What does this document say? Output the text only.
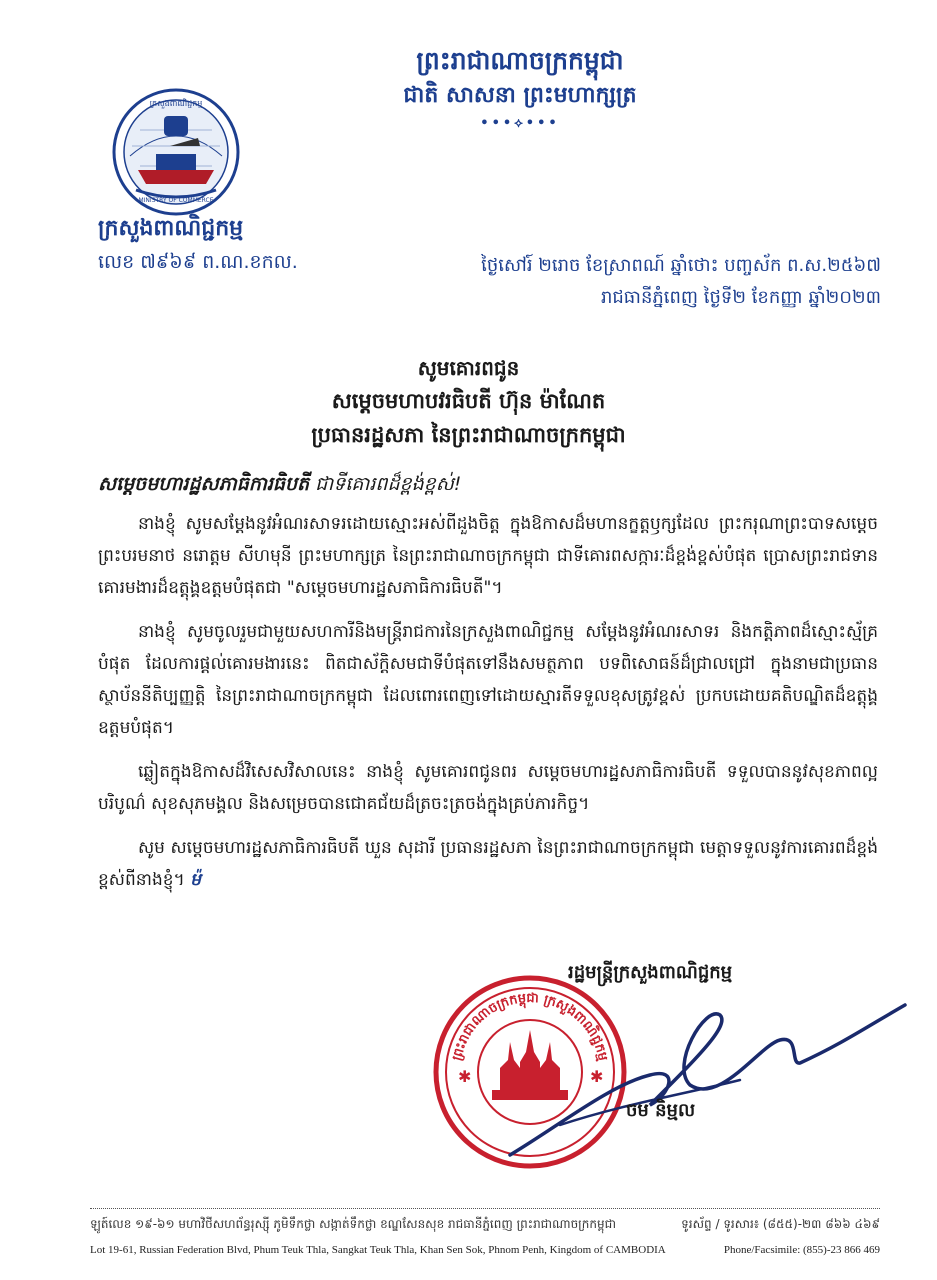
ព្រះរាជាណាចក្រកម្ពុជា
ជាតិ សាសនា ព្រះមហាក្សត្រ
•••⟡•••
ក្រសួងពាណិជ្ជកម្ម
MINISTRY OF COMMERCE
ក្រសួងពាណិជ្ជកម្ម
លេខ ៧៩៦៩ ព.ណ.ខកល.	ថ្ងៃសៅរ៍ ២រោច ខែស្រាពណ៍ ឆ្នាំថោះ បញ្ចស័ក ព.ស.២៥៦៧
រាជធានីភ្នំពេញ ថ្ងៃទី២ ខែកញ្ញា ឆ្នាំ២០២៣
សូមគោរពជូន
សម្តេចមហាបវរធិបតី ហ៊ុន ម៉ាណែត
ប្រធានរដ្ឋសភា នៃព្រះរាជាណាចក្រកម្ពុជា
សម្តេចមហារដ្ឋសភាធិការធិបតី ជាទីគោរពដ៏ខ្ពង់ខ្ពស់!

នាងខ្ញុំ សូមសម្តែងនូវអំណរសាទរដោយស្មោះអស់ពីដួងចិត្ត ក្នុងឱកាសដ៏មហានក្ខត្តឫក្សដែល ព្រះករុណាព្រះបាទសម្តេចព្រះបរមនាថ នរោត្តម សីហមុនី ព្រះមហាក្សត្រ នៃព្រះរាជាណាចក្រកម្ពុជា ជាទីគោរពសក្ការៈដ៏ខ្ពង់ខ្ពស់បំផុត ប្រោសព្រះរាជទានគោរមងារដ៏ឧត្តុង្គឧត្តមបំផុតជា "សម្តេចមហារដ្ឋសភាធិការធិបតី"។

នាងខ្ញុំ សូមចូលរួមជាមួយសហការីនិងមន្ត្រីរាជការនៃក្រសួងពាណិជ្ជកម្ម សម្តែងនូវអំណរសាទរ និងកត្តិភាពដ៏ស្មោះស្ម័គ្របំផុត ដែលការផ្តល់គោរមងារនេះ ពិតជាស័ក្តិសមជាទីបំផុតទៅនឹងសមត្ថភាព បទពិសោធន៍ដ៏ជ្រាលជ្រៅ ក្នុងនាមជាប្រធានស្ថាប័ននីតិប្បញ្ញត្តិ នៃព្រះរាជាណាចក្រកម្ពុជា ដែលពោរពេញទៅដោយស្មារតីទទួលខុសត្រូវខ្ពស់ ប្រកបដោយគតិបណ្ឌិតដ៏ឧត្តុង្គឧត្តមបំផុត។

ឆ្លៀតក្នុងឱកាសដ៏វិសេសវិសាលនេះ នាងខ្ញុំ សូមគោរពជូនពរ សម្តេចមហារដ្ឋសភាធិការធិបតី ទទួលបាននូវសុខភាពល្អបរិបូណ៌ សុខសុភមង្គល និងសម្រេចបានជោគជ័យដ៏ត្រចះត្រចង់ក្នុងគ្រប់ភារកិច្ច។

សូម សម្តេចមហារដ្ឋសភាធិការធិបតី ឃួន សុដារី ប្រធានរដ្ឋសភា នៃព្រះរាជាណាចក្រកម្ពុជា មេត្តាទទួលនូវការគោរពដ៏ខ្ពង់ខ្ពស់ពីនាងខ្ញុំ។ ម៉

រដ្ឋមន្ត្រីក្រសួងពាណិជ្ជកម្ម
✱	✱
ព្រះរាជាណាចក្រកម្ពុជា ក្រសួងពាណិជ្ជកម្ម
ចម និម្មល
ឡូត៍លេខ ១៩-៦១ មហាវិថីសហព័ន្ធរុស្ស៊ី ភូមិទឹកថ្លា សង្កាត់ទឹកថ្លា ខណ្ឌសែនសុខ រាជធានីភ្នំពេញ ព្រះរាជាណាចក្រកម្ពុជា	ទូរស័ព្ទ / ទូរសារ៖ (៨៥៥)-២៣ ៨៦៦ ៤៦៩
Lot 19-61, Russian Federation Blvd, Phum Teuk Thla, Sangkat Teuk Thla, Khan Sen Sok, Phnom Penh, Kingdom of CAMBODIA	Phone/Facsimile: (855)-23 866 469
